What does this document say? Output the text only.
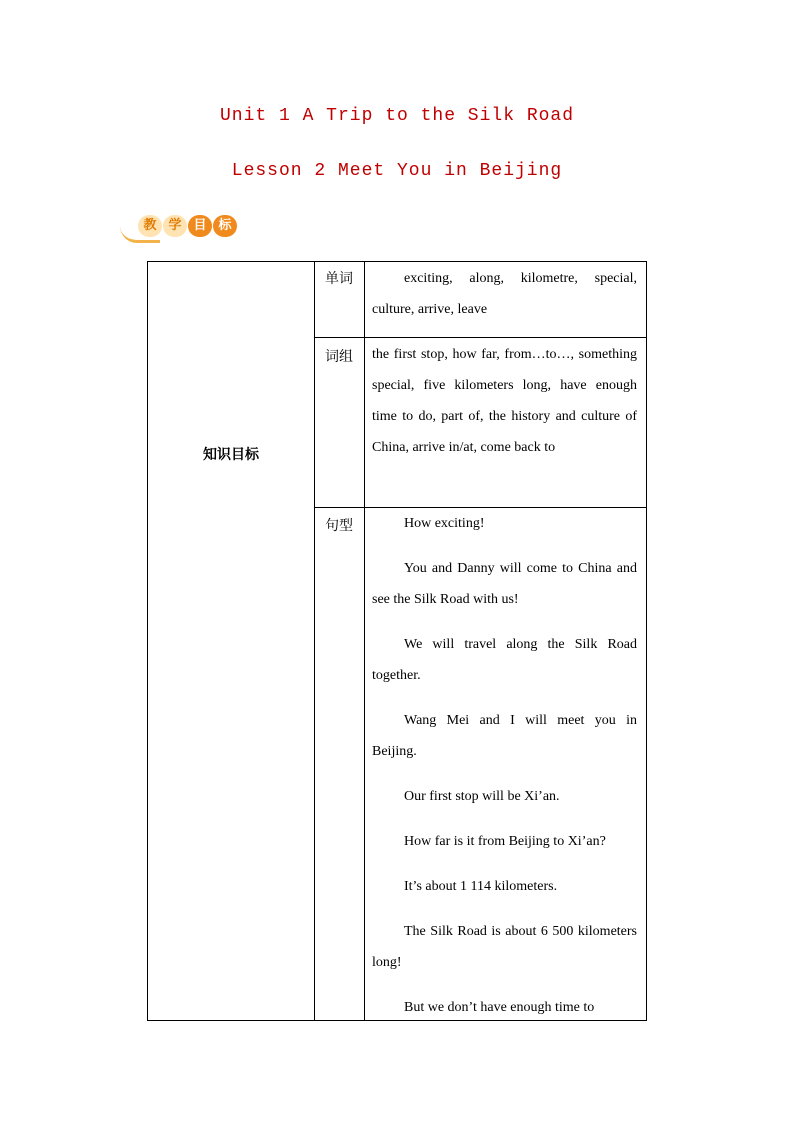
Unit 1 A Trip to the Silk Road
Lesson 2 Meet You in Beijing
教 学 目 标
知识目标
单词
词组
句型

exciting, along, kilometre, special, culture, arrive, leave

the first stop, how far, from…to…, something special, five kilometers long, have enough time to do, part of, the history and culture of China, arrive in/at, come back to

How exciting!

You and Danny will come to China and see the Silk Road with us!

We will travel along the Silk Road together.

Wang Mei and I will meet you in Beijing.

Our first stop will be Xi’an.

How far is it from Beijing to Xi’an?

It’s about 1 114 kilometers.

The Silk Road is about 6 500 kilometers long!

But we don’t have enough time to
